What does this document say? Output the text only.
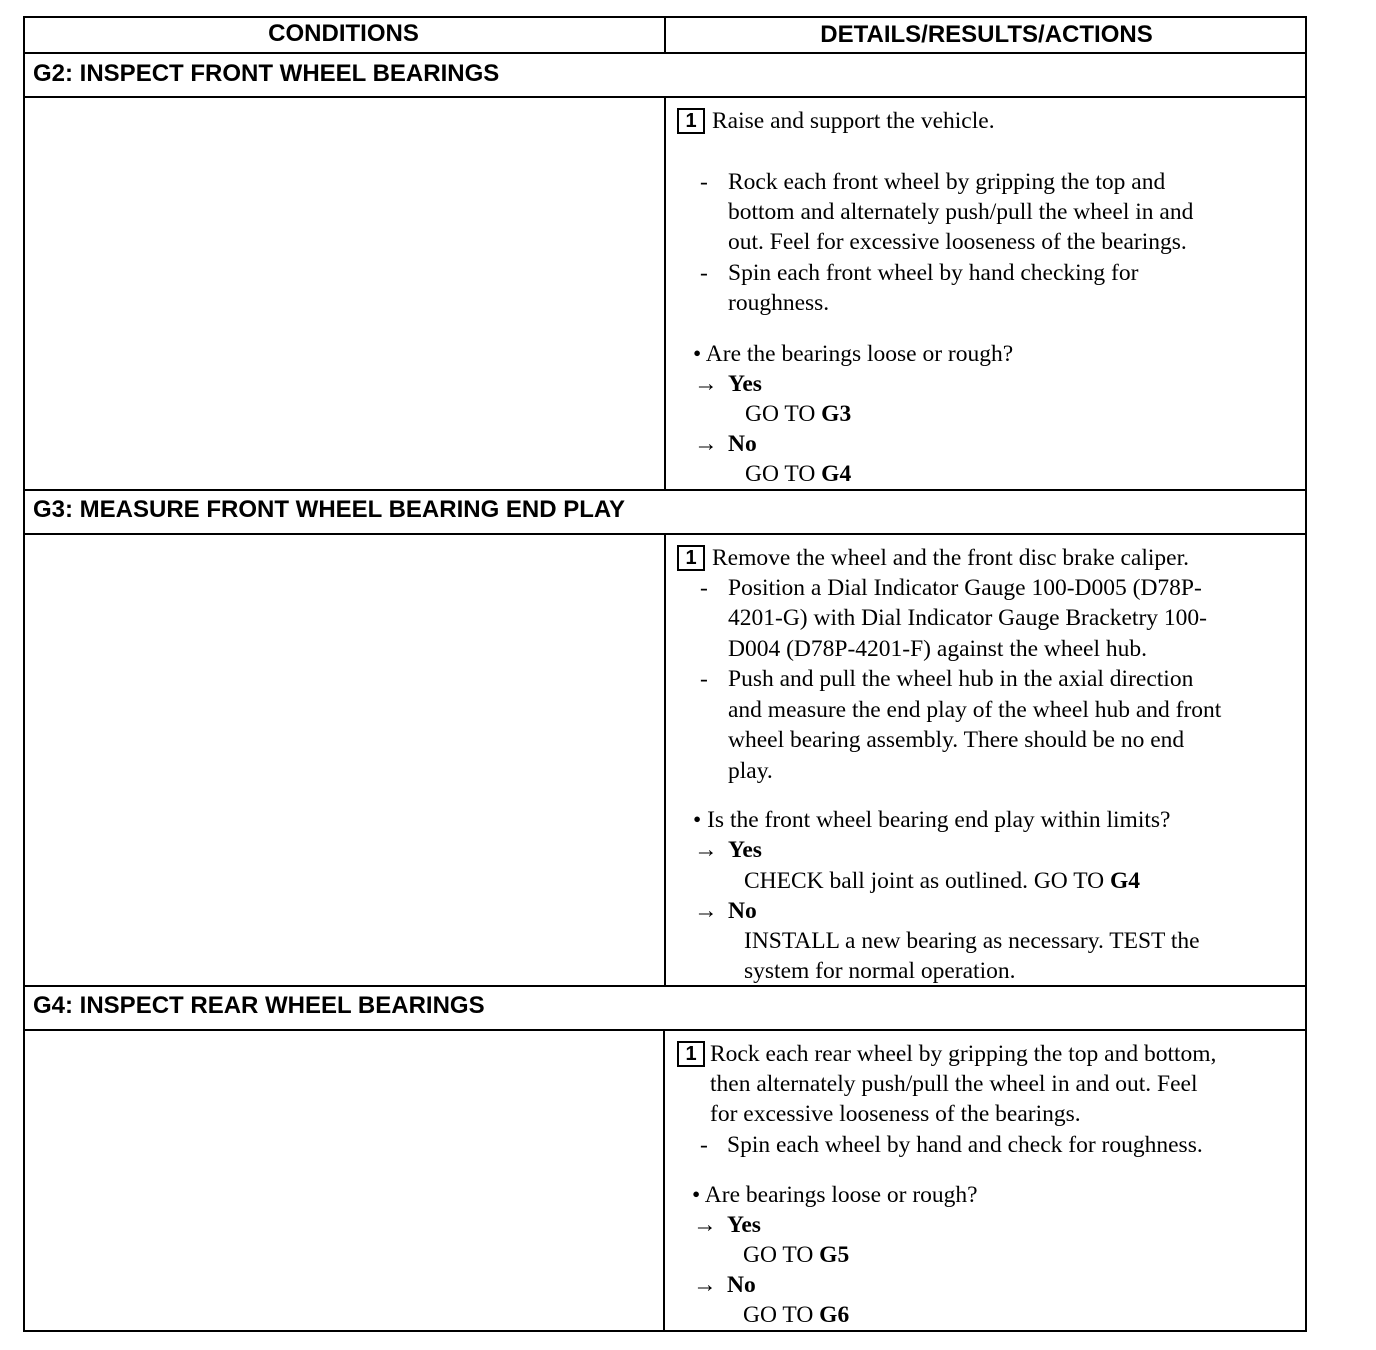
CONDITIONS	DETAILS/RESULTS/ACTIONS
G2: INSPECT FRONT WHEEL BEARINGS
1 Raise and support the vehicle.
- Rock each front wheel by gripping the top and
bottom and alternately push/pull the wheel in and
out. Feel for excessive looseness of the bearings.
- Spin each front wheel by hand checking for
roughness.
• Are the bearings loose or rough?
→ Yes
GO TO G3
→ No
GO TO G4
G3: MEASURE FRONT WHEEL BEARING END PLAY
1 Remove the wheel and the front disc brake caliper.
- Position a Dial Indicator Gauge 100-D005 (D78P-
4201-G) with Dial Indicator Gauge Bracketry 100-
D004 (D78P-4201-F) against the wheel hub.
- Push and pull the wheel hub in the axial direction
and measure the end play of the wheel hub and front
wheel bearing assembly. There should be no end
play.
• Is the front wheel bearing end play within limits?
→ Yes
CHECK ball joint as outlined. GO TO G4
→ No
INSTALL a new bearing as necessary. TEST the
system for normal operation.
G4: INSPECT REAR WHEEL BEARINGS
1 Rock each rear wheel by gripping the top and bottom,
then alternately push/pull the wheel in and out. Feel
for excessive looseness of the bearings.
- Spin each wheel by hand and check for roughness.
• Are bearings loose or rough?
→ Yes
GO TO G5
→ No
GO TO G6
